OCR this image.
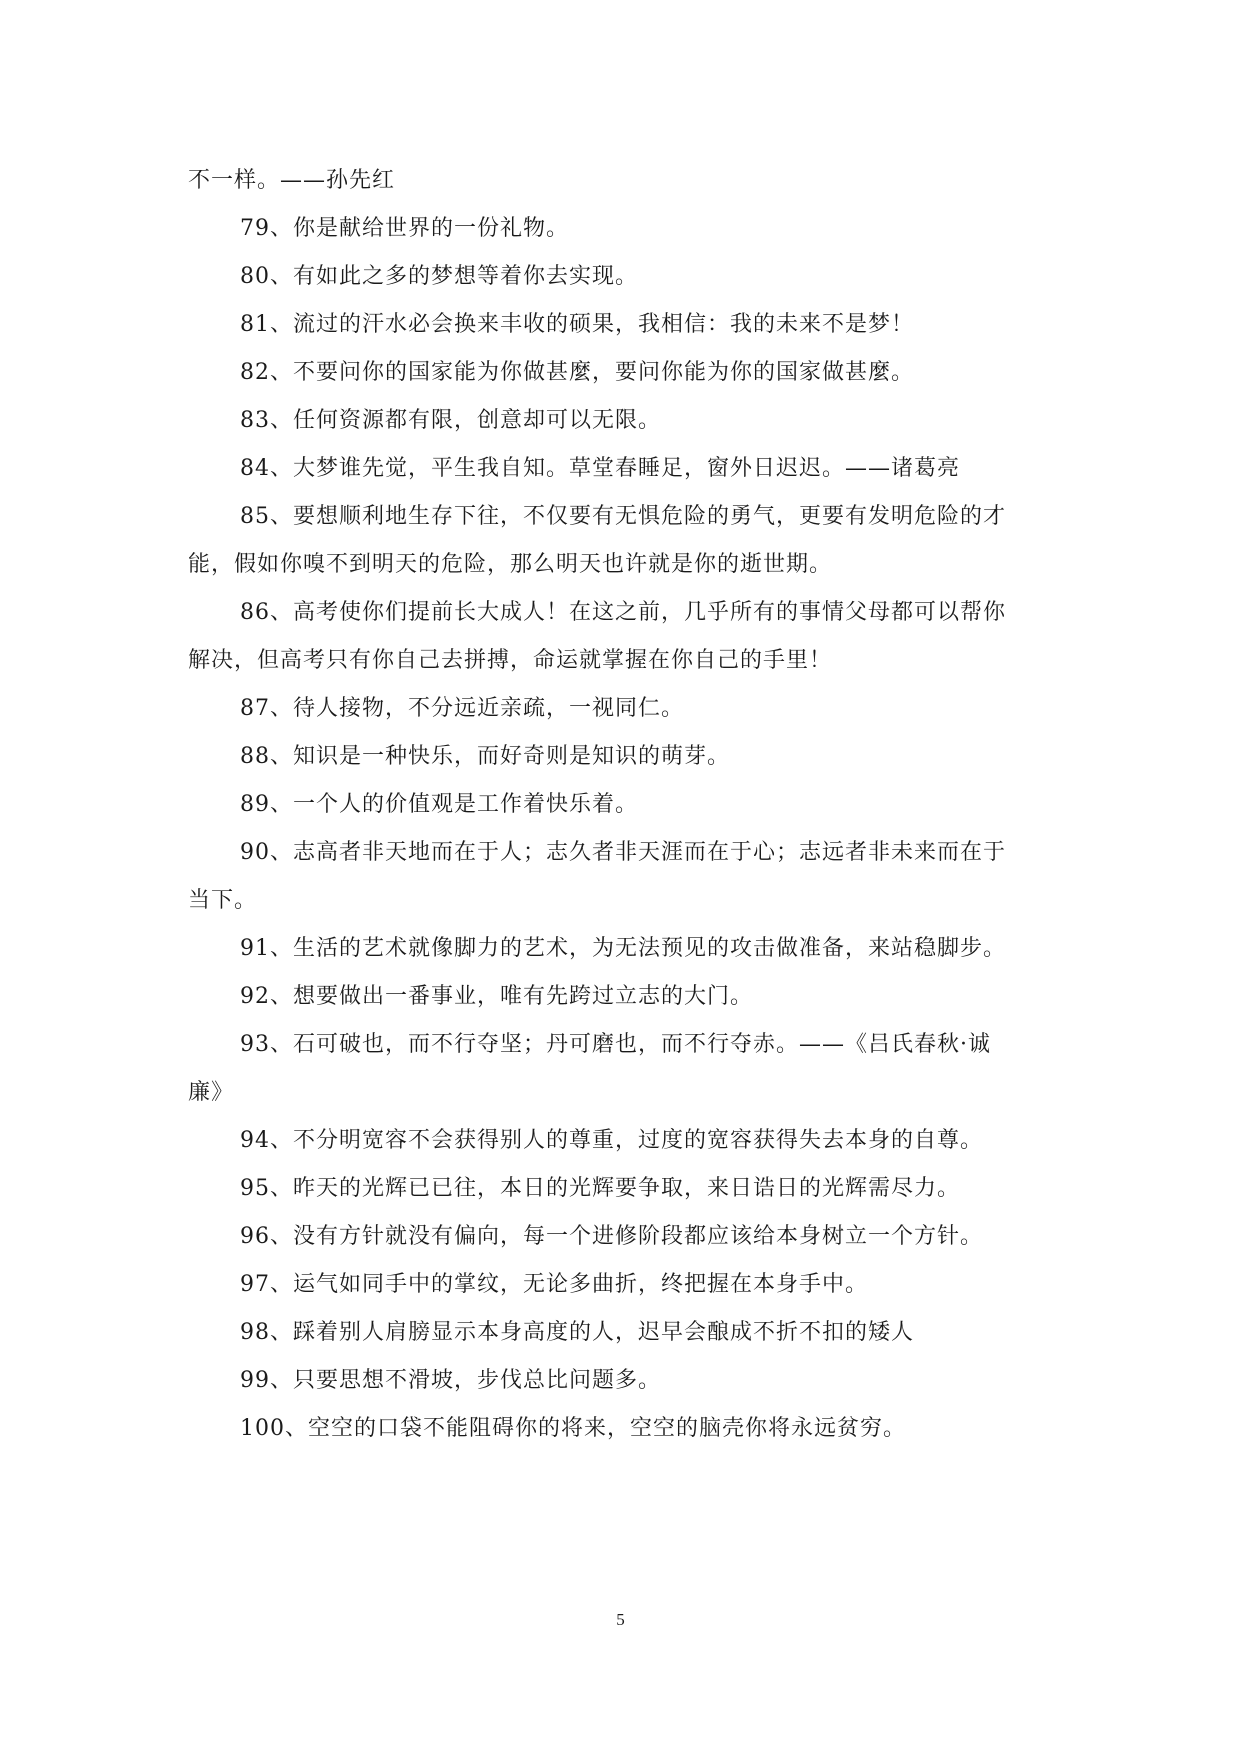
不一样。——孙先红
79、你是献给世界的一份礼物。
80、有如此之多的梦想等着你去实现。
81、流过的汗水必会换来丰收的硕果，我相信：我的未来不是梦！
82、不要问你的国家能为你做甚麼，要问你能为你的国家做甚麼。
83、任何资源都有限，创意却可以无限。
84、大梦谁先觉，平生我自知。草堂春睡足，窗外日迟迟。——诸葛亮
85、要想顺利地生存下往，不仅要有无惧危险的勇气，更要有发明危险的才
能，假如你嗅不到明天的危险，那么明天也许就是你的逝世期。
86、高考使你们提前长大成人！在这之前，几乎所有的事情父母都可以帮你
解决，但高考只有你自己去拼搏，命运就掌握在你自己的手里！
87、待人接物，不分远近亲疏，一视同仁。
88、知识是一种快乐，而好奇则是知识的萌芽。
89、一个人的价值观是工作着快乐着。
90、志高者非天地而在于人；志久者非天涯而在于心；志远者非未来而在于
当下。
91、生活的艺术就像脚力的艺术，为无法预见的攻击做准备，来站稳脚步。
92、想要做出一番事业，唯有先跨过立志的大门。
93、石可破也，而不行夺坚；丹可磨也，而不行夺赤。——《吕氏春秋·诚
廉》
94、不分明宽容不会获得别人的尊重，过度的宽容获得失去本身的自尊。
95、昨天的光辉已已往，本日的光辉要争取，来日诰日的光辉需尽力。
96、没有方针就没有偏向，每一个进修阶段都应该给本身树立一个方针。
97、运气如同手中的掌纹，无论多曲折，终把握在本身手中。
98、踩着别人肩膀显示本身高度的人，迟早会酿成不折不扣的矮人
99、只要思想不滑坡，步伐总比问题多。
100、空空的口袋不能阻碍你的将来，空空的脑壳你将永远贫穷。
5
